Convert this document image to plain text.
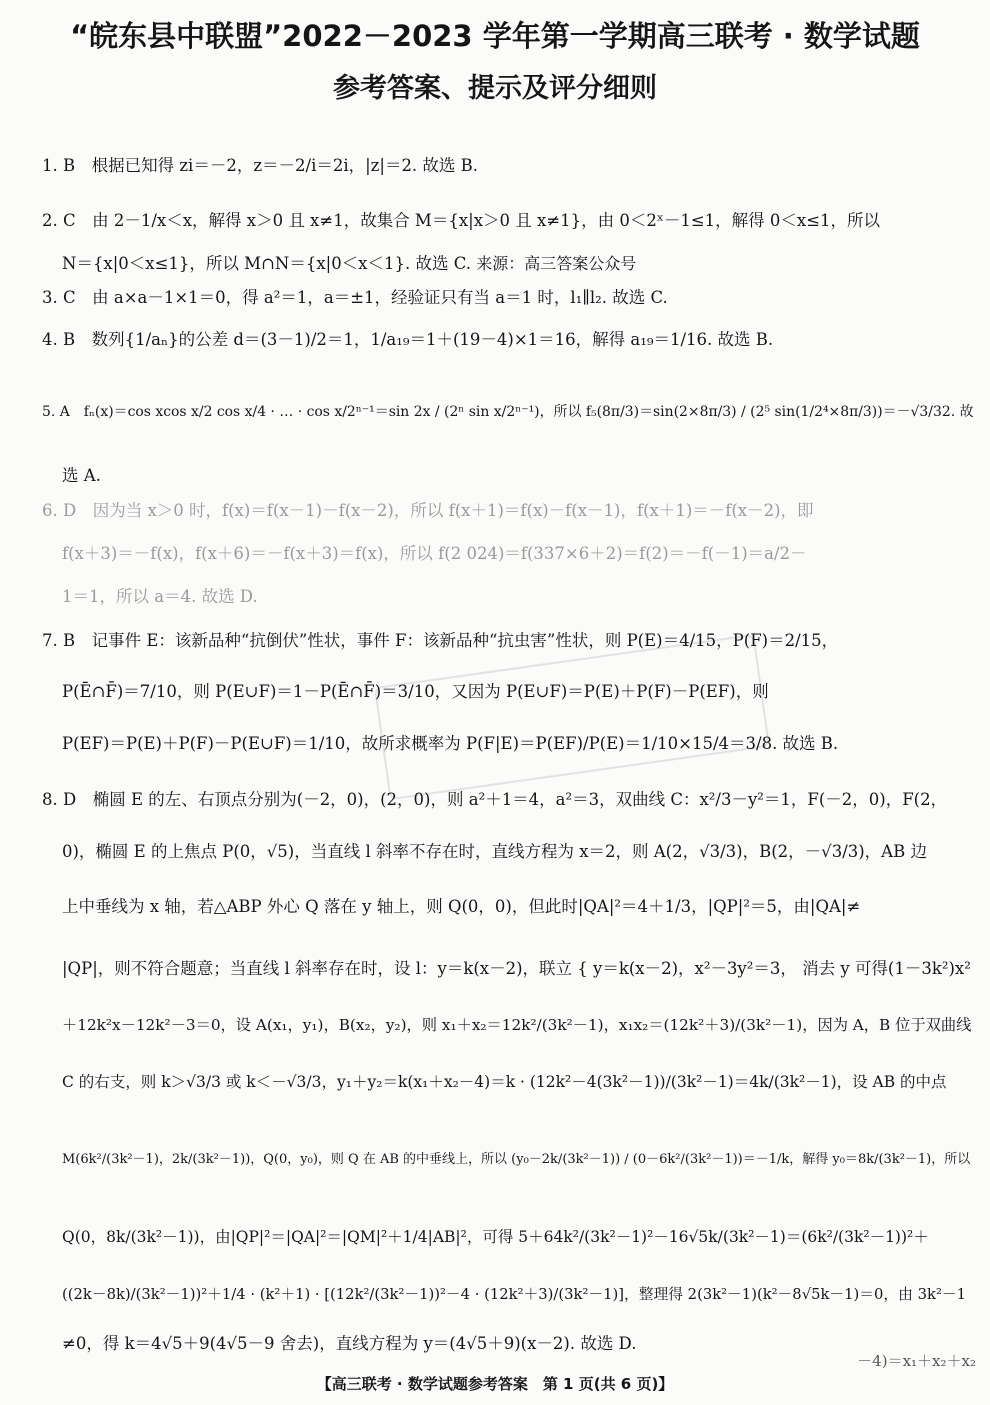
“皖东县中联盟”2022－2023 学年第一学期高三联考 · 数学试题
参考答案、提示及评分细则
1. B　根据已知得 zi＝－2，z＝－2/i＝2i，|z|＝2. 故选 B.
2. C　由 2－1/x＜x，解得 x＞0 且 x≠1，故集合 M＝{x|x＞0 且 x≠1}，由 0＜2ˣ－1≤1，解得 0＜x≤1，所以
N＝{x|0＜x≤1}，所以 M∩N＝{x|0＜x＜1}. 故选 C. 来源：高三答案公众号
3. C　由 a×a－1×1＝0，得 a²＝1，a＝±1，经验证只有当 a＝1 时，l₁∥l₂. 故选 C.
4. B　数列{1/aₙ}的公差 d＝(3－1)/2＝1，1/a₁₉＝1＋(19－4)×1＝16，解得 a₁₉＝1/16. 故选 B.
5. A　fₙ(x)＝cos xcos x/2 cos x/4 · … · cos x/2ⁿ⁻¹＝sin 2x / (2ⁿ sin x/2ⁿ⁻¹)，所以 f₅(8π/3)＝sin(2×8π/3) / (2⁵ sin(1/2⁴×8π/3))＝－√3/32. 故
选 A.
6. D　因为当 x＞0 时，f(x)＝f(x－1)－f(x－2)，所以 f(x＋1)＝f(x)－f(x－1)，f(x＋1)＝－f(x－2)，即
f(x＋3)＝－f(x)，f(x＋6)＝－f(x＋3)＝f(x)，所以 f(2 024)＝f(337×6＋2)＝f(2)＝－f(－1)＝a/2－
1＝1，所以 a＝4. 故选 D.
7. B　记事件 E：该新品种“抗倒伏”性状，事件 F：该新品种“抗虫害”性状，则 P(E)＝4/15，P(F)＝2/15，
P(Ē∩F̄)＝7/10，则 P(E∪F)＝1－P(Ē∩F̄)＝3/10，又因为 P(E∪F)＝P(E)＋P(F)－P(EF)，则
P(EF)＝P(E)＋P(F)－P(E∪F)＝1/10，故所求概率为 P(F|E)＝P(EF)/P(E)＝1/10×15/4＝3/8. 故选 B.
8. D　椭圆 E 的左、右顶点分别为(－2，0)，(2，0)，则 a²＋1＝4，a²＝3，双曲线 C：x²/3－y²＝1，F(－2，0)，F(2，
0)，椭圆 E 的上焦点 P(0，√5)，当直线 l 斜率不存在时，直线方程为 x＝2，则 A(2，√3/3)，B(2，－√3/3)，AB 边
上中垂线为 x 轴，若△ABP 外心 Q 落在 y 轴上，则 Q(0，0)，但此时|QA|²＝4＋1/3，|QP|²＝5，由|QA|≠
|QP|，则不符合题意；当直线 l 斜率存在时，设 l：y＝k(x－2)，联立 { y＝k(x－2)，x²－3y²＝3， 消去 y 可得(1－3k²)x²
＋12k²x－12k²－3＝0，设 A(x₁，y₁)，B(x₂，y₂)，则 x₁＋x₂＝12k²/(3k²－1)，x₁x₂＝(12k²＋3)/(3k²－1)，因为 A，B 位于双曲线
C 的右支，则 k＞√3/3 或 k＜－√3/3，y₁＋y₂＝k(x₁＋x₂－4)＝k · (12k²－4(3k²－1))/(3k²－1)＝4k/(3k²－1)，设 AB 的中点
M(6k²/(3k²－1)，2k/(3k²－1))，Q(0，y₀)，则 Q 在 AB 的中垂线上，所以 (y₀－2k/(3k²－1)) / (0－6k²/(3k²－1))＝－1/k，解得 y₀＝8k/(3k²－1)，所以
Q(0，8k/(3k²－1))，由|QP|²＝|QA|²＝|QM|²＋1/4|AB|²，可得 5＋64k²/(3k²－1)²－16√5k/(3k²－1)＝(6k²/(3k²－1))²＋
((2k－8k)/(3k²－1))²＋1/4 · (k²＋1) · [(12k²/(3k²－1))²－4 · (12k²＋3)/(3k²－1)]，整理得 2(3k²－1)(k²－8√5k－1)＝0，由 3k²－1
≠0，得 k＝4√5＋9(4√5－9 舍去)，直线方程为 y＝(4√5＋9)(x－2). 故选 D.
－4)＝x₁＋x₂＋x₂
【高三联考 · 数学试题参考答案　第 1 页(共 6 页)】
